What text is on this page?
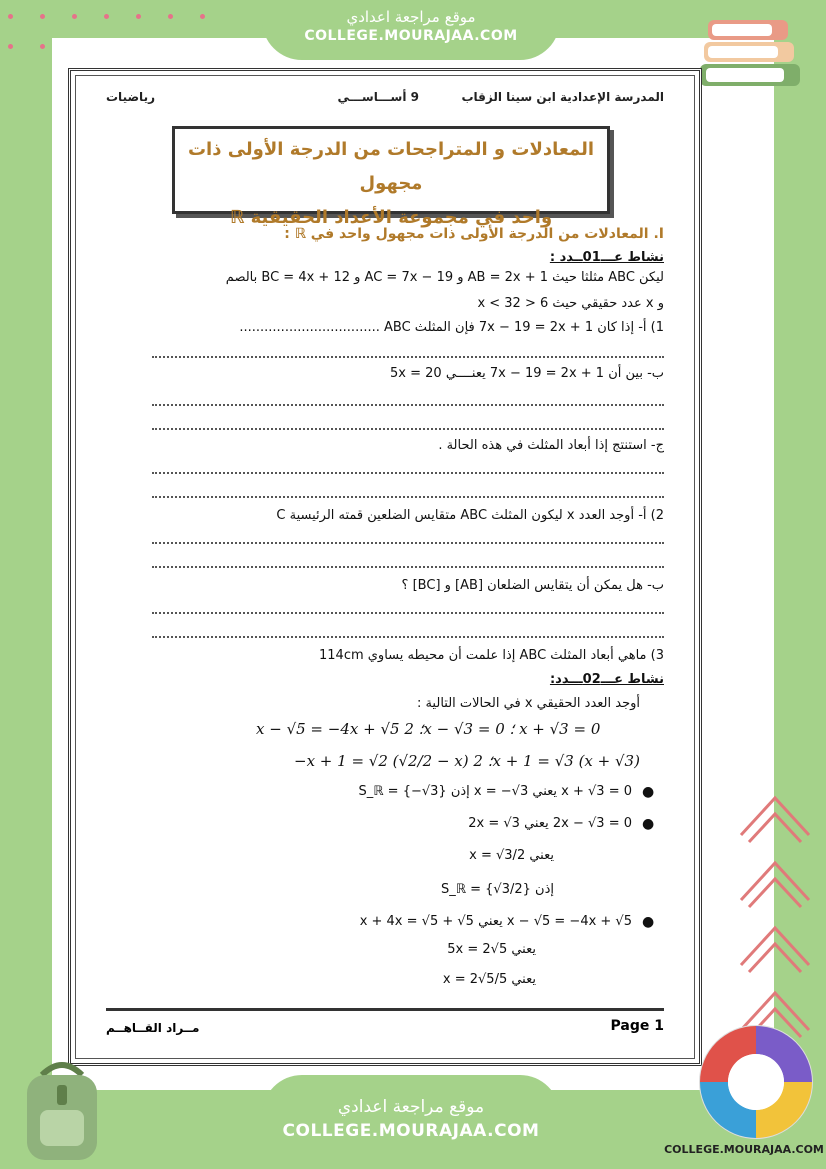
موقع مراجعة اعدادي
COLLEGE.MOURAJAA.COM
المدرسة الإعدادية ابن سينا الزقاب
9 أســـاســـي
رياضيات
المعادلات و المتراجحات من الدرجة الأولى ذات مجهول
واحد في مجموعة الأعداد الحقيقية ℝ
I. المعادلات من الدرجة الأولى ذات مجهول واحد في ℝ :
نشاط عـــ01ــدد :
ليكن ABC مثلثا حيث AB = 2x + 1 و AC = 7x − 19 و BC = 4x + 12 بالصم
و x عدد حقيقي حيث 6 < x < 32
1) أ- إذا كان 7x − 19 = 2x + 1 فإن المثلث ABC ..................................
ب- بين أن 7x − 19 = 2x + 1 يعنــــي 5x = 20
ج- استنتج إذا أبعاد المثلث في هذه الحالة .
2) أ- أوجد العدد x ليكون المثلث ABC متقايس الضلعين قمته الرئيسية C
ب- هل يمكن أن يتقايس الضلعان [AB] و [BC] ؟
3) ماهي أبعاد المثلث ABC إذا علمت أن محيطه يساوي 114cm
نشاط عـــ02ـــدد:
أوجد العدد الحقيقي x في الحالات التالية :
x − √5 = −4x + √5 ؛ 2x − √3 = 0 ؛ x + √3 = 0
−x + 1 = √2 (√2/2 − x) ؛ 2x + 1 = √3 (x + √3)
●
x + √3 = 0 يعني x = −√3 إذن S_ℝ = {−√3}
●
2x − √3 = 0 يعني 2x = √3
يعني x = √3/2
إذن S_ℝ = {√3/2}
●
x − √5 = −4x + √5 يعني x + 4x = √5 + √5
يعني 5x = 2√5
يعني x = 2√5/5
مــراد القــاهــم	Page 1
موقع مراجعة اعدادي
COLLEGE.MOURAJAA.COM
COLLEGE.MOURAJAA.COM
